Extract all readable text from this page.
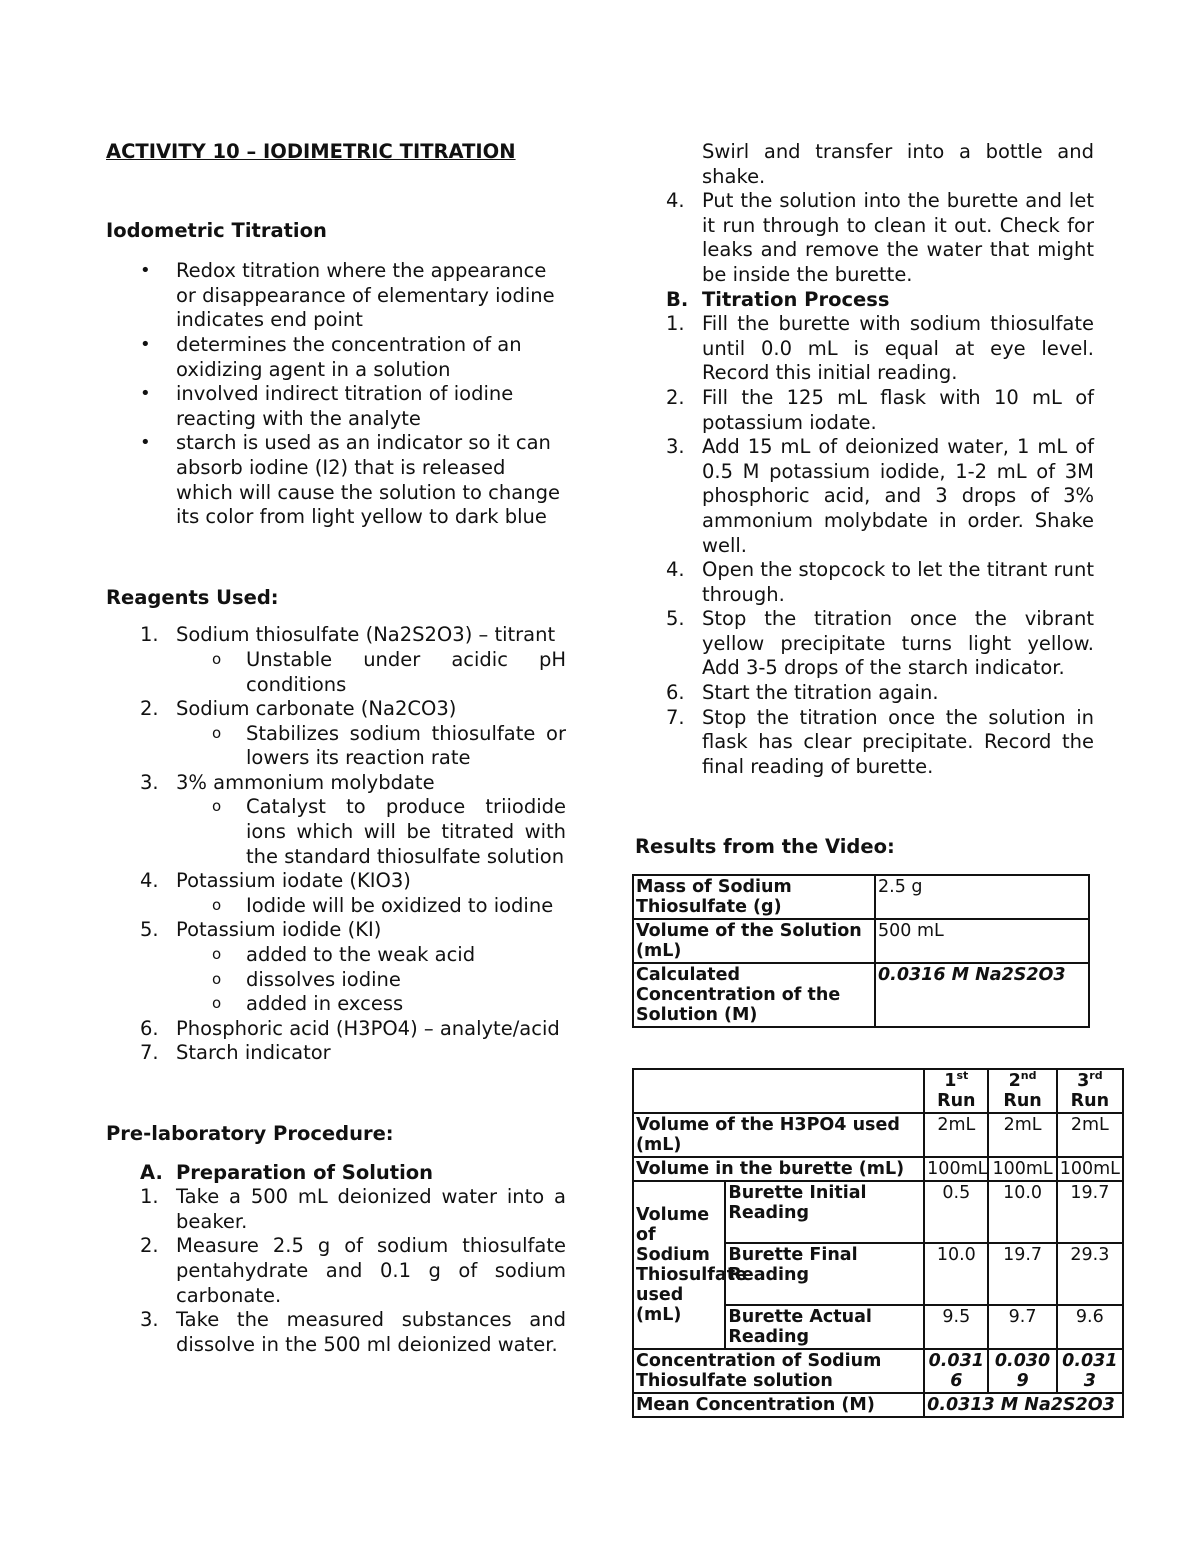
ACTIVITY 10 – IODIMETRIC TITRATION

Iodometric Titration

• Redox titration where the appearance or disappearance of elementary iodine indicates end point
• determines the concentration of an oxidizing agent in a solution
• involved indirect titration of iodine reacting with the analyte
• starch is used as an indicator so it can absorb iodine (I2) that is released which will cause the solution to change its color from light yellow to dark blue

Reagents Used:

1. Sodium thiosulfate (Na2S2O3) – titrant
o Unstable under acidic pH conditions
2. Sodium carbonate (Na2CO3)
o Stabilizes sodium thiosulfate or lowers its reaction rate
3. 3% ammonium molybdate
o Catalyst to produce triiodide ions which will be titrated with the standard thiosulfate solution
4. Potassium iodate (KIO3)
o Iodide will be oxidized to iodine
5. Potassium iodide (KI)
o added to the weak acid
o dissolves iodine
o added in excess
6. Phosphoric acid (H3PO4) – analyte/acid
7. Starch indicator

Pre-laboratory Procedure:

A. Preparation of Solution
1. Take a 500 mL deionized water into a beaker.
2. Measure 2.5 g of sodium thiosulfate pentahydrate and 0.1 g of sodium carbonate.
3. Take the measured substances and dissolve in the 500 ml deionized water.
Swirl and transfer into a bottle and shake.
4. Put the solution into the burette and let it run through to clean it out. Check for leaks and remove the water that might be inside the burette.
B. Titration Process
1. Fill the burette with sodium thiosulfate until 0.0 mL is equal at eye level. Record this initial reading.
2. Fill the 125 mL flask with 10 mL of potassium iodate.
3. Add 15 mL of deionized water, 1 mL of 0.5 M potassium iodide, 1-2 mL of 3M phosphoric acid, and 3 drops of 3% ammonium molybdate in order. Shake well.
4. Open the stopcock to let the titrant runt through.
5. Stop the titration once the vibrant yellow precipitate turns light yellow. Add 3-5 drops of the starch indicator.
6. Start the titration again.
7. Stop the titration once the solution in flask has clear precipitate. Record the final reading of burette.

Results from the Video:

Mass of Sodium Thiosulfate (g)	2.5 g
Volume of the Solution (mL)	500 mL
Calculated Concentration of the Solution (M)	0.0316 M Na2S2O3
		1st Run	2nd Run	3rd Run
Volume of the H3PO4 used (mL)		2mL	2mL	2mL
Volume in the burette (mL)		100mL	100mL	100mL
Volume of Sodium Thiosulfate used (mL)	Burette Initial Reading	0.5	10.0	19.7
	Burette Final Reading	10.0	19.7	29.3
	Burette Actual Reading	9.5	9.7	9.6
Concentration of Sodium Thiosulfate solution		0.0316	0.0309	0.0313
Mean Concentration (M)		0.0313 M Na2S2O3		
